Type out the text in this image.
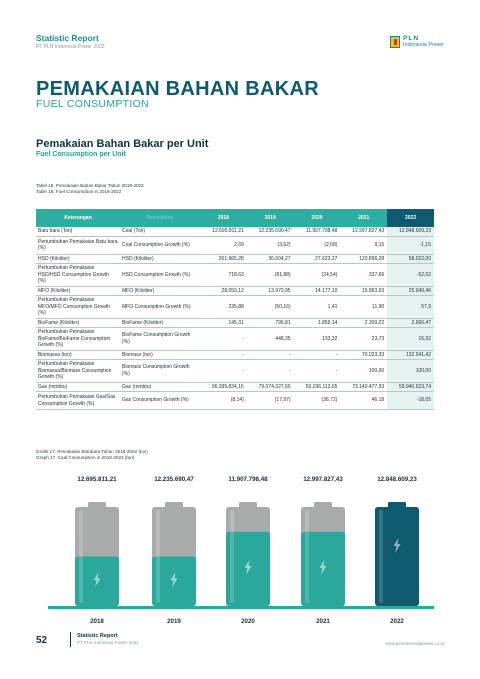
Statistic Report
PT PLN Indonesia Power 2022
PLN
Indonesia Power
PEMAKAIAN BAHAN BAKAR
FUEL CONSUMPTION
Pemakaian Bahan Bakar per Unit
Fuel Consumption per Unit
Tabel 18. Pemakaian Bahan Bakar Tahun 2018-2022
Table 18. Fuel Consumption in 2018-2022
Keterangan	Description	2018	2019	2020	2021	2022
Batu bara (Ton)	Coal (Ton)	12.695.811,21	12.235.690,47	11.907.798,48	12.997.827,43	12.848.609,23
Pertumbuhan Pemakaian Batu bara (%)	Coal Consumption Growth (%)	2,69	(3,62)	(2,68)	9,15	-1,15
HSD (Kiloliter)	HSD (Kiloliter)	201.965,28	36.604,27	27.623,27	120.896,28	58.022,00
Pertumbuhan Pemakaian HSD/HSD Consumption Growth (%)	HSD Consumption Growth (%)	718,63	(81,88)	(24,54)	337,66	-52,02
MFO (Kiloliter)	MFO (Kiloliter)	28.050,12	13.979,95	14.177,10	15.863,93	25.049,46
Pertumbuhan Pemakaian MFO/MFO Consumption Growth (%)	MFO Consumption Growth (%)	235,88	(50,16)	1,41	11,90	57,9
BioFame (Kiloliter)	BioFame (Kiloliter)	145,31	796,81	1.859,14	2.300,22	2.666,47
Pertumbuhan Pemakaian BioFame/BioFame Consumption Growth (%)	BioFame Consumption Growth (%)	-	448,35	133,32	23,73	15,92
Biomassa (ton)	Biomass (ton)	-	-	-	70.023,33	132.941,42
Pertumbuhan Pemakaian Biomassa/Biomass Consumption Growth (%)	Biomass Consumption Growth (%)	-	-	-	100,00	100,00
Gas (mmbtu)	Gas (mmbtu)	96.395.834,16	79.074.327,60	50.036.113,65	73.140.477,93	59.940.623,74
Pertumbuhan Pemakaian Gas/Gas Consumption Growth (%)	Gas Consumption Growth (%)	(8,14)	(17,97)	(36,72)	46,18	-18,05
Grafik 17. Pemakaian Batubara Tahun 2018-2022 (ton)
Graph 17. Coal Consumption in 2018-2022 (ton)
12.695.811,21
2018
12.235.690,47
2019
11.907.798,48
2020
12.997.827,43
2021
12.848.609,23
2022
52	Statistic Report
PT PLN Indonesia Power 2022	www.plnindonesiapower.co.id
